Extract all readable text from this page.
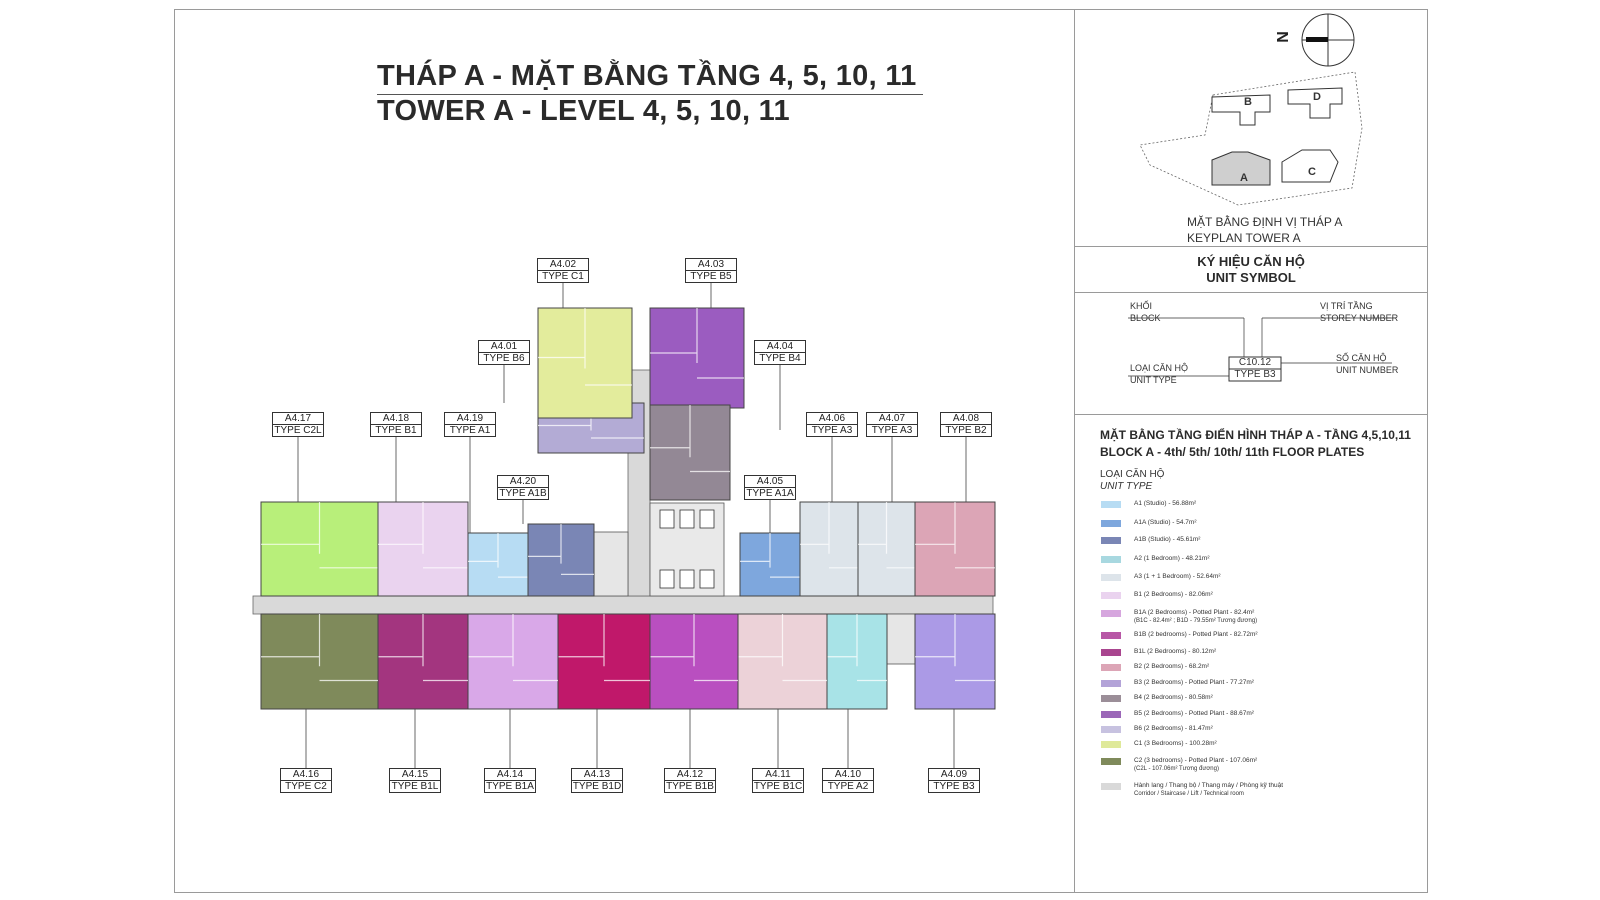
THÁP A - MẶT BẰNG TẦNG 4, 5, 10, 11
TOWER A - LEVEL 4, 5, 10, 11
A4.01
TYPE B6
A4.02
TYPE C1
A4.03
TYPE B5
A4.04
TYPE B4
A4.05
TYPE A1A
A4.06
TYPE A3
A4.07
TYPE A3
A4.08
TYPE B2
A4.09
TYPE B3
A4.10
TYPE A2
A4.11
TYPE B1C
A4.12
TYPE B1B
A4.13
TYPE B1D
A4.14
TYPE B1A
A4.15
TYPE B1L
A4.16
TYPE C2
A4.17
TYPE C2L
A4.18
TYPE B1
A4.19
TYPE A1
A4.20
TYPE A1B
N
B	D
A	C
MẶT BẰNG ĐỊNH VỊ THÁP A
KEYPLAN TOWER A
KÝ HIỆU CĂN HỘ
UNIT SYMBOL
KHỐI
BLOCK
VỊ TRÍ TẦNG
STOREY NUMBER
LOẠI CĂN HỘ
UNIT TYPE
SỐ CĂN HỘ
UNIT NUMBER
C10.12
TYPE B3
MẶT BẰNG TẦNG ĐIỂN HÌNH THÁP A - TẦNG 4,5,10,11
BLOCK A - 4th/ 5th/ 10th/ 11th FLOOR PLATES
LOẠI CĂN HỘ
UNIT TYPE
A1 (Studio) - 56.88m²
A1A (Studio) - 54.7m²
A1B (Studio) - 45.61m²
A2 (1 Bedroom) - 48.21m²
A3 (1 + 1 Bedroom) - 52.64m²
B1 (2 Bedrooms) - 82.06m²
B1A (2 Bedrooms) - Potted Plant - 82.4m²
(B1C - 82.4m² ; B1D - 79.55m² Tương đương)
B1B (2 bedrooms) - Potted Plant - 82.72m²
B1L (2 Bedrooms) - 80.12m²
B2 (2 Bedrooms) - 68.2m²
B3 (2 Bedrooms) - Potted Plant - 77.27m²
B4 (2 Bedrooms) - 80.58m²
B5 (2 Bedrooms) - Potted Plant - 88.67m²
B6 (2 Bedrooms) - 81.47m²
C1 (3 Bedrooms) - 100.28m²
C2 (3 bedrooms) - Potted Plant - 107.06m²
(C2L - 107.06m² Tương đương)
Hành lang / Thang bộ / Thang máy / Phòng kỹ thuật
Corridor / Staircase / Lift / Technical room
